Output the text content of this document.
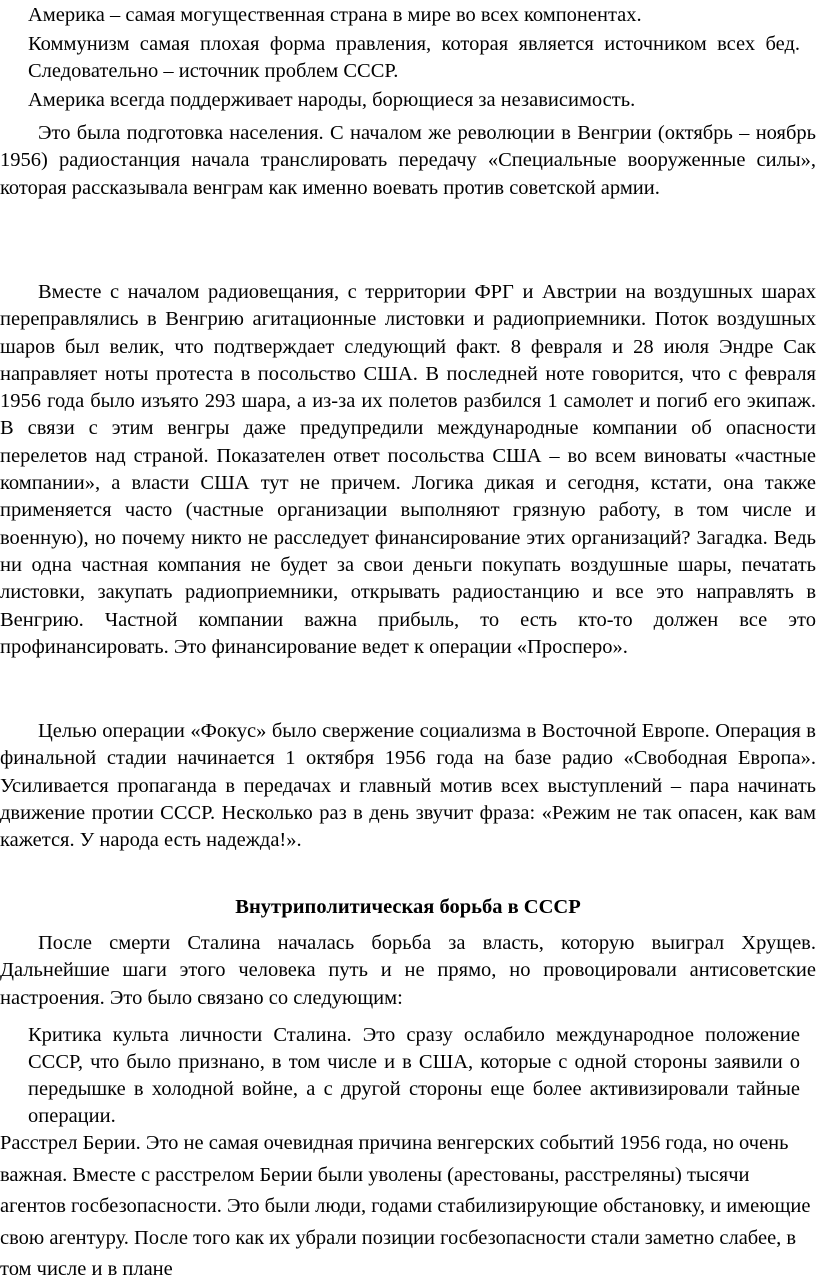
Америка – самая могущественная страна в мире во всех компонентах.
Коммунизм самая плохая форма правления, которая является источником всех бед. Следовательно – источник проблем СССР.
Америка всегда поддерживает народы, борющиеся за независимость.

Это была подготовка населения. С началом же революции в Венгрии (октябрь – ноябрь 1956) радиостанция начала транслировать передачу «Специальные вооруженные силы», которая рассказывала венграм как именно воевать против советской армии.

Вместе с началом радиовещания, с территории ФРГ и Австрии на воздушных шарах переправлялись в Венгрию агитационные листовки и радиоприемники. Поток воздушных шаров был велик, что подтверждает следующий факт. 8 февраля и 28 июля Эндре Сак направляет ноты протеста в посольство США. В последней ноте говорится, что с февраля 1956 года было изъято 293 шара, а из-за их полетов разбился 1 самолет и погиб его экипаж. В связи с этим венгры даже предупредили международные компании об опасности перелетов над страной. Показателен ответ посольства США – во всем виноваты «частные компании», а власти США тут не причем. Логика дикая и сегодня, кстати, она также применяется часто (частные организации выполняют грязную работу, в том числе и военную), но почему никто не расследует финансирование этих организаций? Загадка. Ведь ни одна частная компания не будет за свои деньги покупать воздушные шары, печатать листовки, закупать радиоприемники, открывать радиостанцию и все это направлять в Венгрию. Частной компании важна прибыль, то есть кто-то должен все это профинансировать. Это финансирование ведет к операции «Просперо».

Целью операции «Фокус» было свержение социализма в Восточной Европе. Операция в финальной стадии начинается 1 октября 1956 года на базе радио «Свободная Европа». Усиливается пропаганда в передачах и главный мотив всех выступлений – пара начинать движение протии СССР. Несколько раз в день звучит фраза: «Режим не так опасен, как вам кажется. У народа есть надежда!».

Внутриполитическая борьба в СССР

После смерти Сталина началась борьба за власть, которую выиграл Хрущев. Дальнейшие шаги этого человека путь и не прямо, но провоцировали антисоветские настроения. Это было связано со следующим:

Критика культа личности Сталина. Это сразу ослабило международное положение СССР, что было признано, в том числе и в США, которые с одной стороны заявили о передышке в холодной войне, а с другой стороны еще более активизировали тайные операции.

Расстрел Берии. Это не самая очевидная причина венгерских событий 1956 года, но очень важная. Вместе с расстрелом Берии были уволены (арестованы, расстреляны) тысячи агентов госбезопасности. Это были люди, годами стабилизирующие обстановку, и имеющие свою агентуру. После того как их убрали позиции госбезопасности стали заметно слабее, в том числе и в плане
